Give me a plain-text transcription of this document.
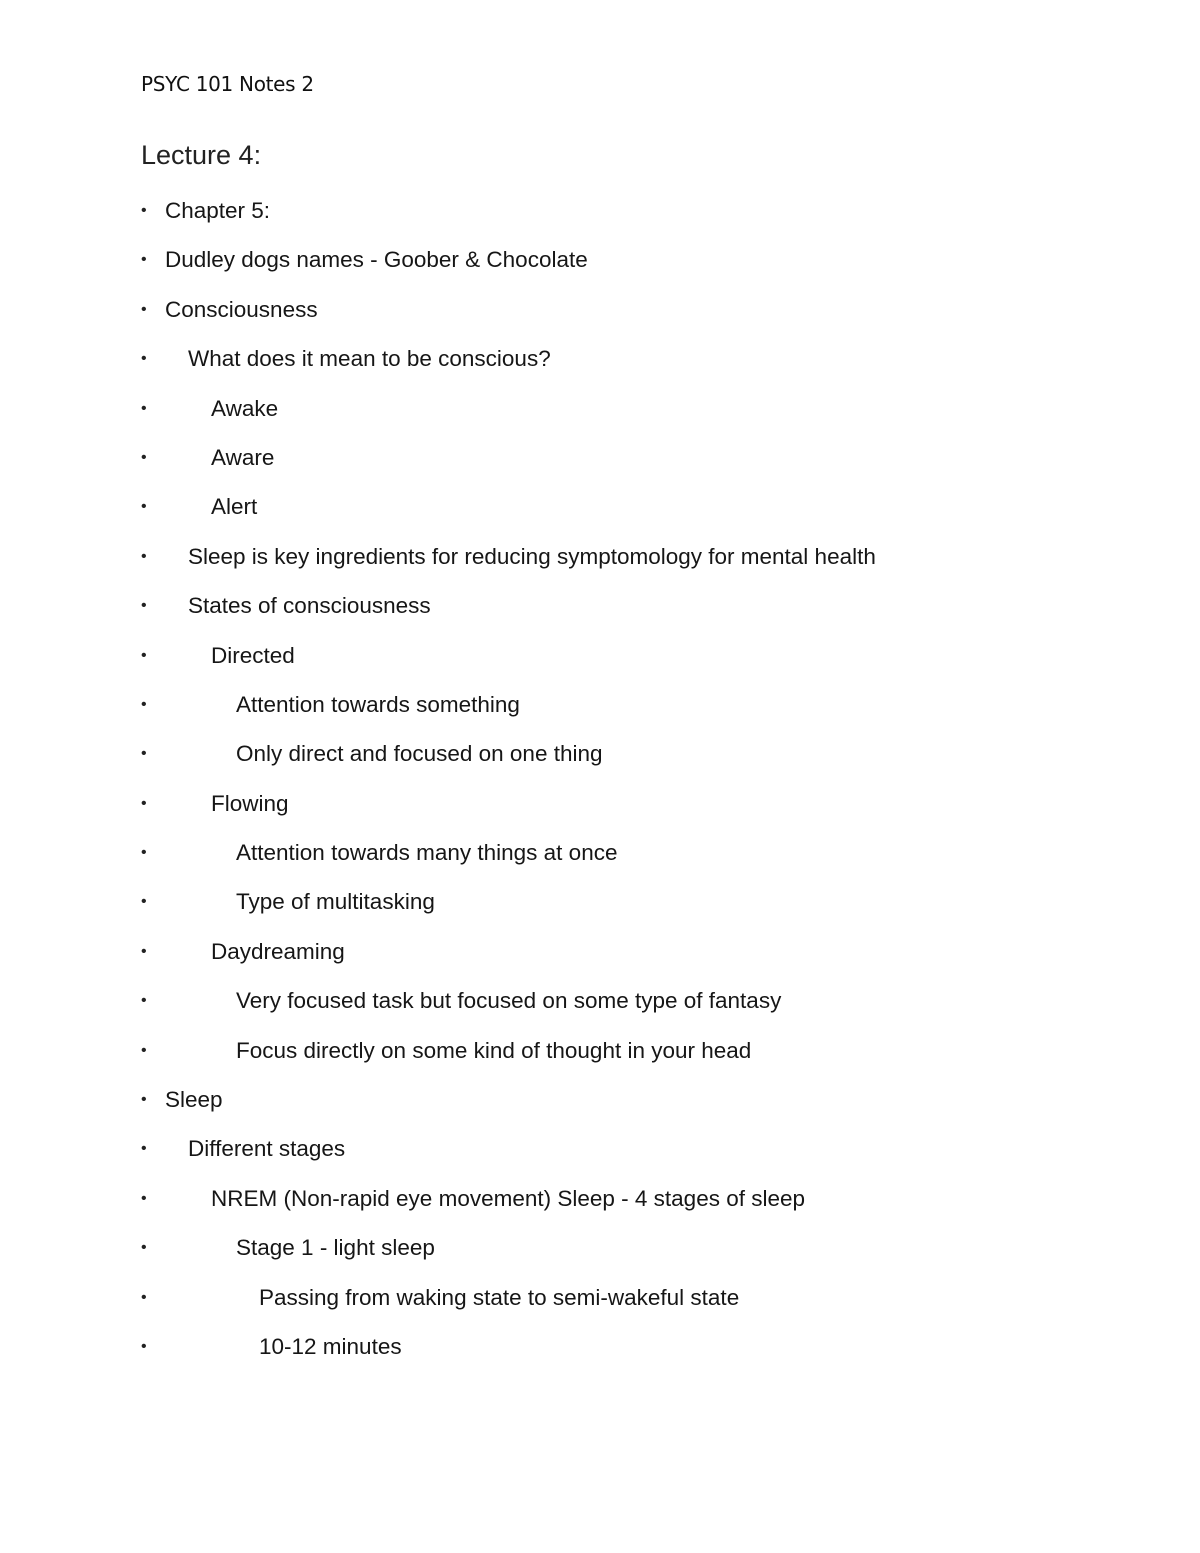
PSYC 101 Notes 2
Lecture 4:
• Chapter 5:
• Dudley dogs names - Goober & Chocolate
• Consciousness
• What does it mean to be conscious?
•	Awake
•	Aware
•	Alert
• Sleep is key ingredients for reducing symptomology for mental health
• States of consciousness
•	Directed
•	Attention towards something
•	Only direct and focused on one thing
•	Flowing
•	Attention towards many things at once
•	Type of multitasking
•	Daydreaming
•	Very focused task but focused on some type of fantasy
•	Focus directly on some kind of thought in your head
• Sleep
• Different stages
•	NREM (Non-rapid eye movement) Sleep - 4 stages of sleep
•	Stage 1 - light sleep
•	Passing from waking state to semi-wakeful state
•	10-12 minutes
